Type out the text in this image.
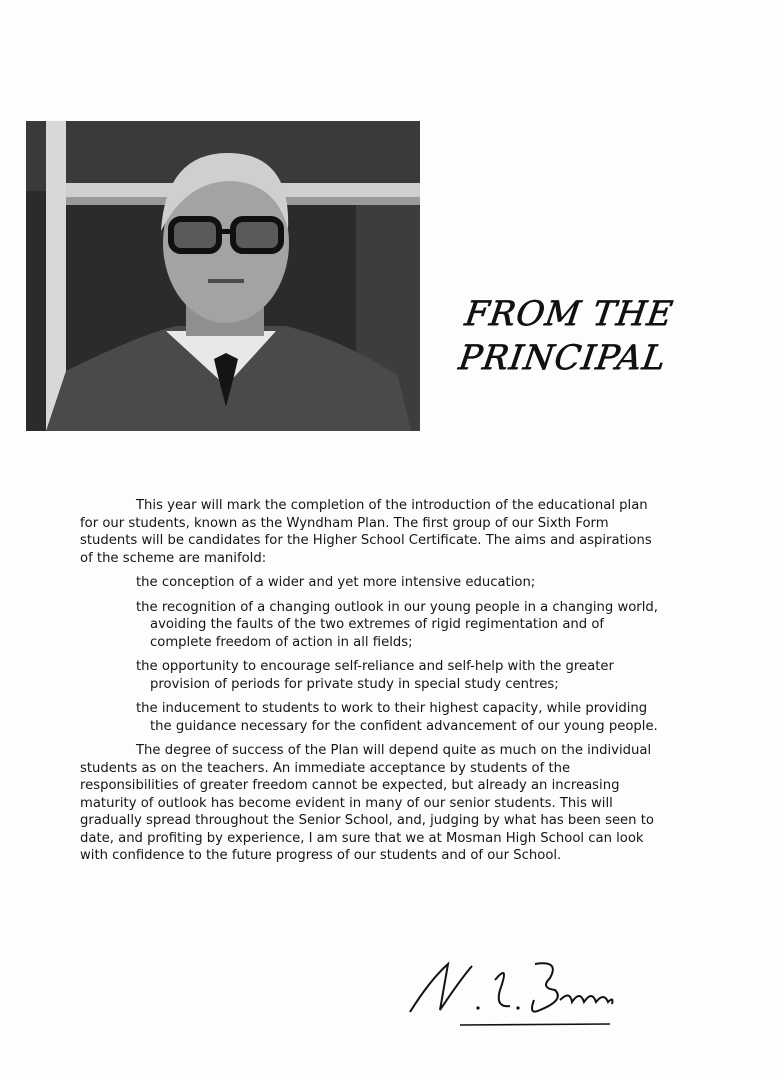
FROM THE
PRINCIPAL

This year will mark the completion of the introduction of the educational plan for our students, known as the Wyndham Plan. The first group of our Sixth Form students will be candidates for the Higher School Certificate. The aims and aspirations of the scheme are manifold:

the conception of a wider and yet more intensive education;
the recognition of a changing outlook in our young people in a changing world, avoiding the faults of the two extremes of rigid regimentation and of complete freedom of action in all fields;
the opportunity to encourage self-reliance and self-help with the greater provision of periods for private study in special study centres;
the inducement to students to work to their highest capacity, while providing the guidance necessary for the confident advancement of our young people.

The degree of success of the Plan will depend quite as much on the individual students as on the teachers. An immediate acceptance by students of the responsibilities of greater freedom cannot be expected, but already an increasing maturity of outlook has become evident in many of our senior students. This will gradually spread throughout the Senior School, and, judging by what has been seen to date, and profiting by experience, I am sure that we at Mosman High School can look with confidence to the future progress of our students and of our School.
